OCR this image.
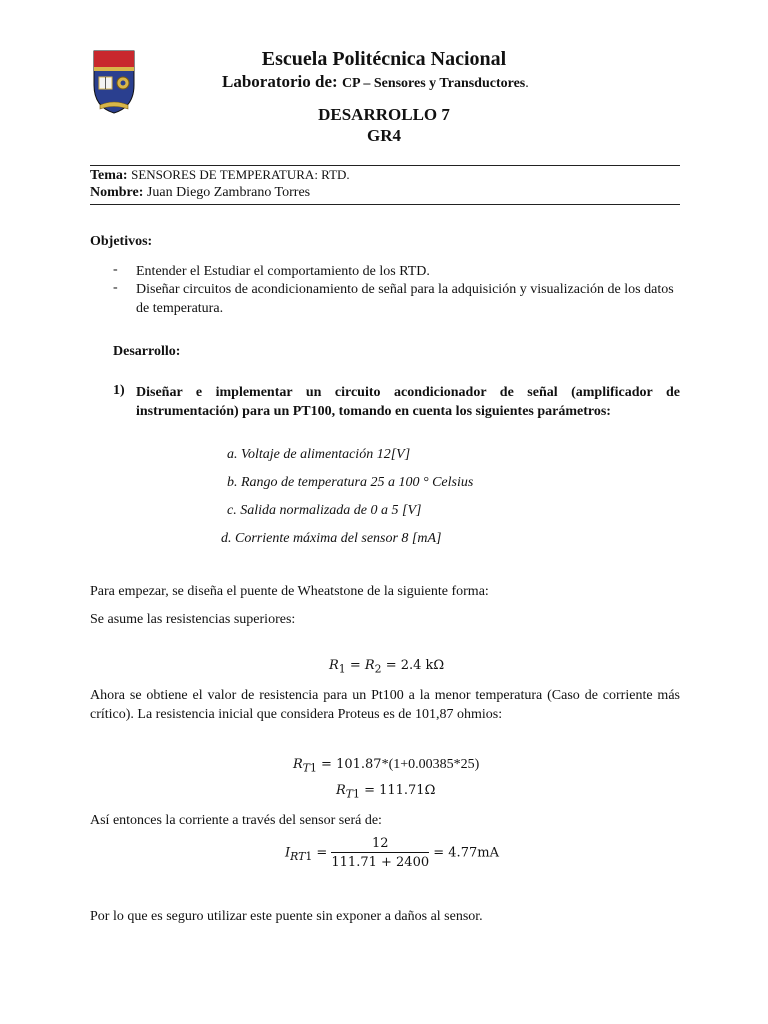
Escuela Politécnica Nacional
Laboratorio de: CP – Sensores y Transductores.
DESARROLLO 7
GR4
Tema: SENSORES DE TEMPERATURA: RTD.
Nombre: Juan Diego Zambrano Torres
Objetivos:
- Entender el Estudiar el comportamiento de los RTD.
- Diseñar circuitos de acondicionamiento de señal para la adquisición y visualización de los datos de temperatura.
Desarrollo:
1) Diseñar e implementar un circuito acondicionador de señal (amplificador de instrumentación) para un PT100, tomando en cuenta los siguientes parámetros:
a. Voltaje de alimentación 12[V]
b. Rango de temperatura 25 a 100 ° Celsius
c. Salida normalizada de 0 a 5 [V]
d. Corriente máxima del sensor 8 [mA]
Para empezar, se diseña el puente de Wheatstone de la siguiente forma:
Se asume las resistencias superiores:
$R_1 = R_2 = 2.4$ kΩ
Ahora se obtiene el valor de resistencia para un Pt100 a la menor temperatura (Caso de corriente más crítico). La resistencia inicial que considera Proteus es de 101,87 ohmios:
$R_{T1} = 101.87*(1+0.00385*25)$
$R_{T1} = 111.71\Omega$
Así entonces la corriente a través del sensor será de:
$I_{RT1} = \frac{12}{111.71 + 2400} = 4.77mA$
Por lo que es seguro utilizar este puente sin exponer a daños al sensor.
